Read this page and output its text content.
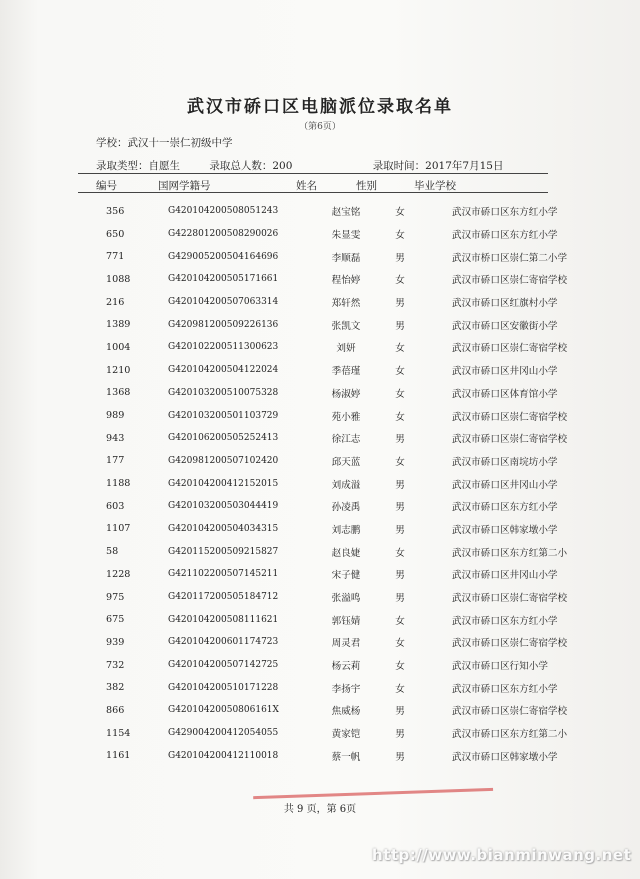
武汉市硚口区电脑派位录取名单
（第6页）
学校：武汉十一崇仁初级中学
录取类型：自愿生	录取总人数：200	录取时间：2017年7月15日
编号	国网学籍号	姓名	性别	毕业学校
356	G420104200508051243	赵宝铭	女	武汉市硚口区东方红小学
650	G422801200508290026	朱显雯	女	武汉市硚口区东方红小学
771	G429005200504164696	李顺磊	男	武汉市桥口区崇仁第二小学
1088	G420104200505171661	程怡婷	女	武汉市硚口区崇仁寄宿学校
216	G420104200507063314	郑轩然	男	武汉市硚口区红旗村小学
1389	G420981200509226136	张凯文	男	武汉市硚口区安徽街小学
1004	G420102200511300623	刘妍	女	武汉市硚口区崇仁寄宿学校
1210	G420104200504122024	季蓓瑾	女	武汉市硚口区井冈山小学
1368	G420103200510075328	杨淑婷	女	武汉市硚口区体育馆小学
989	G420103200501103729	苑小雅	女	武汉市硚口区崇仁寄宿学校
943	G420106200505252413	徐江志	男	武汉市硚口区崇仁寄宿学校
177	G420981200507102420	邱天蓝	女	武汉市硚口区南垸坊小学
1188	G420104200412152015	刘成溢	男	武汉市硚口区井冈山小学
603	G420103200503044419	孙凌禹	男	武汉市硚口区东方红小学
1107	G420104200504034315	刘志鹏	男	武汉市硚口区韩家墩小学
58	G420115200509215827	赵良婕	女	武汉市硚口区东方红第二小
1228	G421102200507145211	宋子健	男	武汉市硚口区井冈山小学
975	G420117200505184712	张溢鸣	男	武汉市硚口区崇仁寄宿学校
675	G420104200508111621	郭钰婧	女	武汉市硚口区东方红小学
939	G420104200601174723	周灵君	女	武汉市硚口区崇仁寄宿学校
732	G420104200507142725	杨云莉	女	武汉市硚口区行知小学
382	G420104200510171228	李扬宇	女	武汉市硚口区东方红小学
866	G42010420050806161X	焦威杨	男	武汉市硚口区崇仁寄宿学校
1154	G429004200412054055	黄家铠	男	武汉市硚口区东方红第二小
1161	G420104200412110018	蔡一帆	男	武汉市硚口区韩家墩小学
共 9 页，第 6页
http://www.bianminwang.net
